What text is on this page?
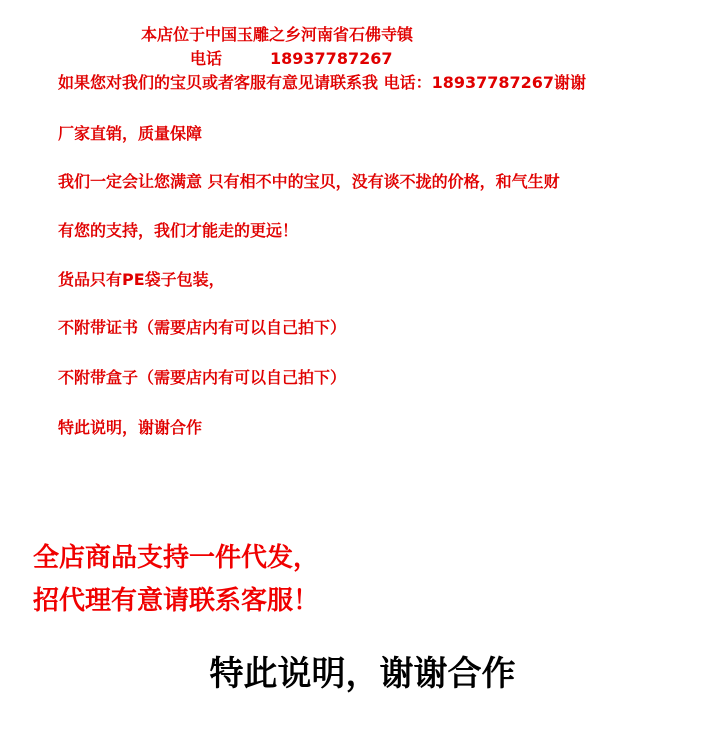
本店位于中国玉雕之乡河南省石佛寺镇
电话	18937787267
如果您对我们的宝贝或者客服有意见请联系我 电话：18937787267谢谢
厂家直销，质量保障
我们一定会让您满意 只有相不中的宝贝，没有谈不拢的价格，和气生财
有您的支持，我们才能走的更远！
货品只有PE袋子包装，
不附带证书（需要店内有可以自己拍下）
不附带盒子（需要店内有可以自己拍下）
特此说明，谢谢合作
全店商品支持一件代发，
招代理有意请联系客服！
特此说明，谢谢合作
